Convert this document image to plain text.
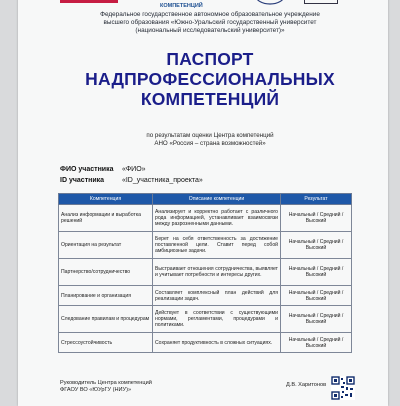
КОМПЕТЕНЦИЙ
Федеральное государственное автономное образовательное учреждение
высшего образования «Южно-Уральский государственный университет
(национальный исследовательский университет)»
ПАСПОРТ
НАДПРОФЕССИОНАЛЬНЫХ
КОМПЕТЕНЦИЙ
по результатам оценки Центра компетенций
АНО «Россия – страна возможностей»
ФИО участника «ФИО»
ID участника	«ID_участника_проекта»
Компетенция	Описание компетенции	Результат
Анализ информации и выработка решений	Анализирует и корректно работает с различного рода информацией, устанавливает взаимосвязи между разрозненными данными.	Начальный / Средний / Высокий
Ориентация на результат	Берет на себя ответственность за достижение поставленной цели. Ставит перед собой амбициозные задачи.	Начальный / Средний / Высокий
Партнерство/сотрудничество	Выстраивает отношения сотрудничества, выявляет и учитывает потребности и интересы других.	Начальный / Средний / Высокий
Планирование и организация	Составляет комплексный план действий для реализации задач.	Начальный / Средний / Высокий
Следование правилам и процедурам	Действует в соответствии с существующими нормами, регламентами, процедурами и политиками.	Начальный / Средний / Высокий
Стрессоустойчивость	Сохраняет продуктивность в сложных ситуациях.	Начальный / Средний / Высокий
Руководитель Центра компетенций
ФГАОУ ВО «ЮУрГУ (НИУ)»
Д.В. Харитонов
